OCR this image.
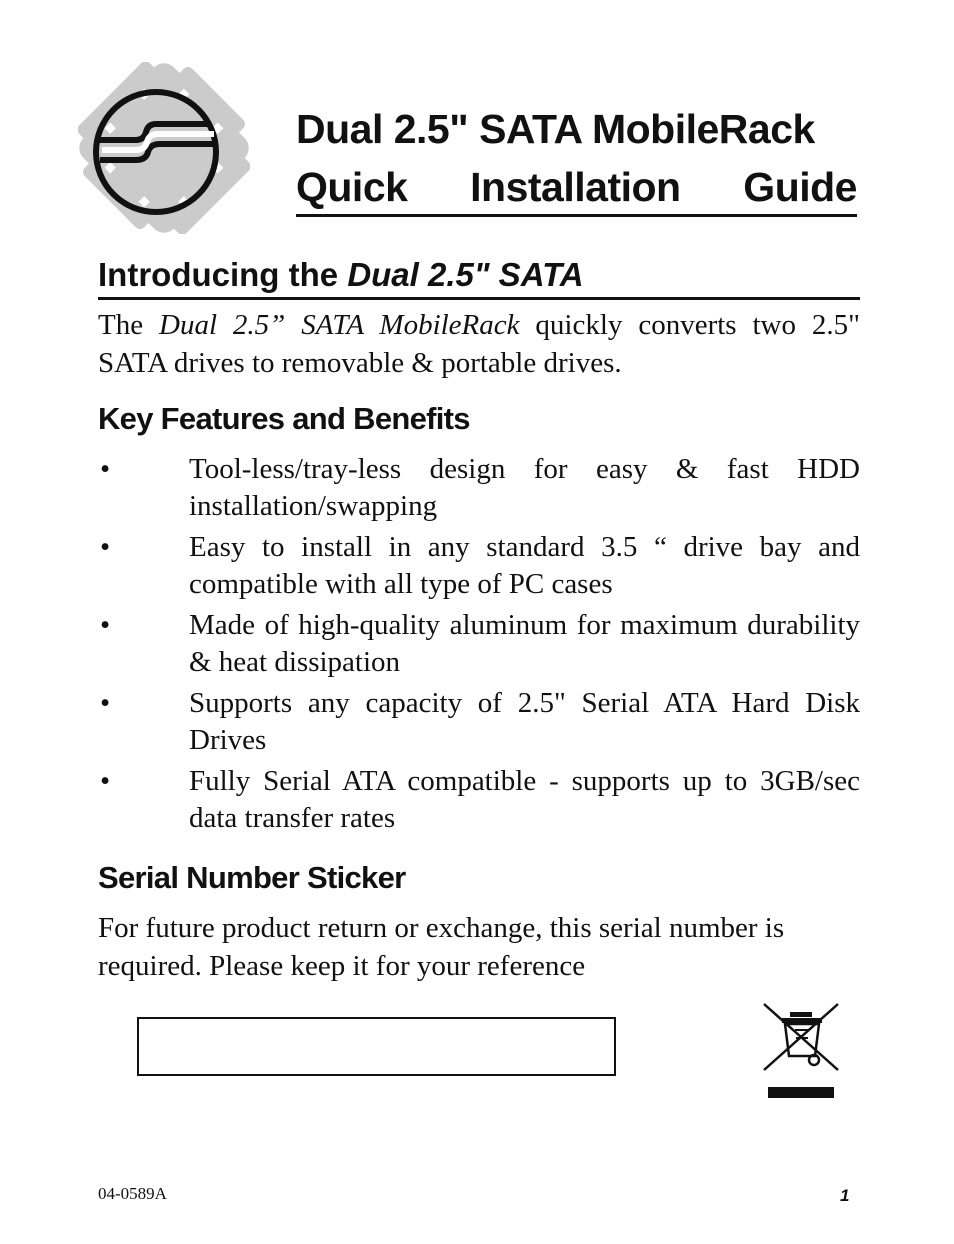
Dual 2.5" SATA MobileRack
Quick Installation Guide
Introducing the Dual 2.5" SATA

The Dual 2.5” SATA MobileRack quickly converts two 2.5" SATA drives to removable & portable drives.

Key Features and Benefits
•	Tool-less/tray-less design for easy & fast HDD installation/swapping
•	Easy to install in any standard 3.5 “ drive bay and compatible with all type of PC cases
•	Made of high-quality aluminum for maximum durability & heat dissipation
•	Supports any capacity of 2.5" Serial ATA Hard Disk Drives
•	Fully Serial ATA compatible - supports up to 3GB/sec data transfer rates
Serial Number Sticker

For future product return or exchange, this serial number is required. Please keep it for your reference

04-0589A	1
